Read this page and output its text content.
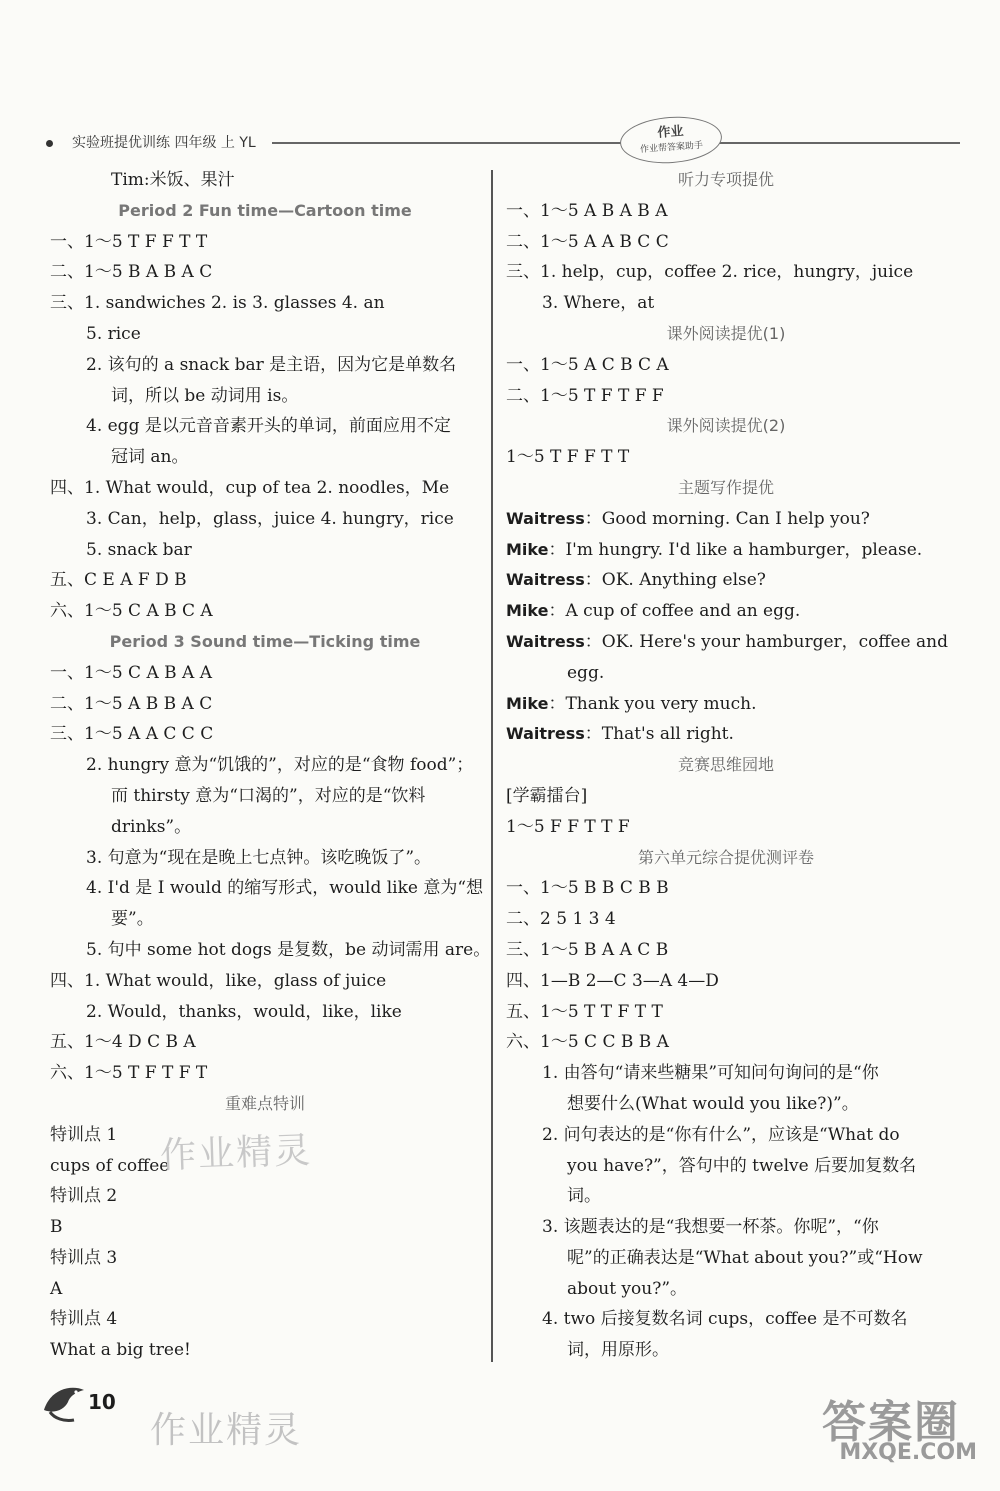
实验班提优训练 四年级 上 YL
作业
作业帮答案助手
Tim:米饭、果汁
Period 2 Fun time—Cartoon time
一、1～5 T F F T T
二、1～5 B A B A C
三、1. sandwiches 2. is 3. glasses 4. an
5. rice
2. 该句的 a snack bar 是主语，因为它是单数名
词，所以 be 动词用 is。
4. egg 是以元音音素开头的单词，前面应用不定
冠词 an。
四、1. What would，cup of tea 2. noodles，Me
3. Can，help，glass，juice 4. hungry，rice
5. snack bar
五、C E A F D B
六、1～5 C A B C A
Period 3 Sound time—Ticking time
一、1～5 C A B A A
二、1～5 A B B A C
三、1～5 A A C C C
2. hungry 意为“饥饿的”，对应的是“食物 food”；
而 thirsty 意为“口渴的”，对应的是“饮料
drinks”。
3. 句意为“现在是晚上七点钟。该吃晚饭了”。
4. I'd 是 I would 的缩写形式，would like 意为“想
要”。
5. 句中 some hot dogs 是复数，be 动词需用 are。
四、1. What would，like，glass of juice
2. Would，thanks，would，like，like
五、1～4 D C B A
六、1～5 T F T F T
重难点特训
特训点 1
cups of coffee
特训点 2
B
特训点 3
A
特训点 4
What a big tree!
听力专项提优
一、1～5 A B A B A
二、1～5 A A B C C
三、1. help，cup，coffee 2. rice，hungry，juice
3. Where，at
课外阅读提优(1)
一、1～5 A C B C A
二、1～5 T F T F F
课外阅读提优(2)
1～5 T F F T T
主题写作提优
Waitress：Good morning. Can I help you?
Mike：I'm hungry. I'd like a hamburger，please.
Waitress：OK. Anything else?
Mike：A cup of coffee and an egg.
Waitress：OK. Here's your hamburger，coffee and
egg.
Mike：Thank you very much.
Waitress：That's all right.
竞赛思维园地
[学霸擂台]
1～5 F F T T F
第六单元综合提优测评卷
一、1～5 B B C B B
二、2 5 1 3 4
三、1～5 B A A C B
四、1—B 2—C 3—A 4—D
五、1～5 T T F T T
六、1～5 C C B B A
1. 由答句“请来些糖果”可知问句询问的是“你
想要什么(What would you like?)”。
2. 问句表达的是“你有什么”，应该是“What do
you have?”，答句中的 twelve 后要加复数名
词。
3. 该题表达的是“我想要一杯茶。你呢”，“你
呢”的正确表达是“What about you?”或“How
about you?”。
4. two 后接复数名词 cups，coffee 是不可数名
词，用原形。
作业精灵
10
作业精灵	答案圈
MXQE.COM
